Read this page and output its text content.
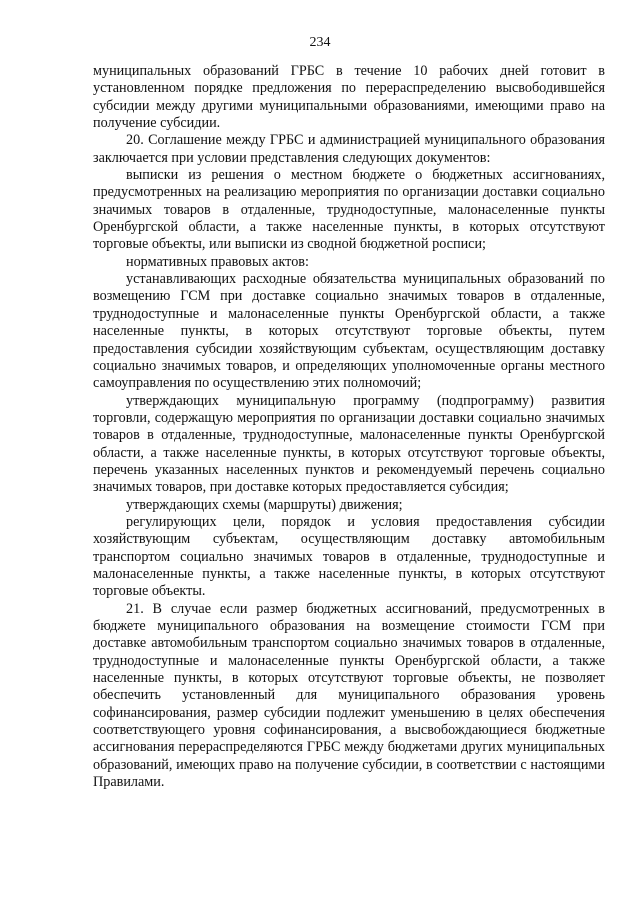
234

муниципальных образований ГРБС в течение 10 рабочих дней готовит в установленном порядке предложения по перераспределению высвободившейся субсидии между другими муниципальными образованиями, имеющими право на получение субсидии.

20. Соглашение между ГРБС и администрацией муниципального образования заключается при условии представления следующих документов:

выписки из решения о местном бюджете о бюджетных ассигнованиях, предусмотренных на реализацию мероприятия по организации доставки социально значимых товаров в отдаленные, труднодоступные, малонаселенные пункты Оренбургской области, а также населенные пункты, в которых отсутствуют торговые объекты, или выписки из сводной бюджетной росписи;

нормативных правовых актов:

устанавливающих расходные обязательства муниципальных образований по возмещению ГСМ при доставке социально значимых товаров в отдаленные, труднодоступные и малонаселенные пункты Оренбургской области, а также населенные пункты, в которых отсутствуют торговые объекты, путем предоставления субсидии хозяйствующим субъектам, осуществляющим доставку социально значимых товаров, и определяющих уполномоченные органы местного самоуправления по осуществлению этих полномочий;

утверждающих муниципальную программу (подпрограмму) развития торговли, содержащую мероприятия по организации доставки социально значимых товаров в отдаленные, труднодоступные, малонаселенные пункты Оренбургской области, а также населенные пункты, в которых отсутствуют торговые объекты, перечень указанных населенных пунктов и рекомендуемый перечень социально значимых товаров, при доставке которых предоставляется субсидия;

утверждающих схемы (маршруты) движения;

регулирующих цели, порядок и условия предоставления субсидии хозяйствующим субъектам, осуществляющим доставку автомобильным транспортом социально значимых товаров в отдаленные, труднодоступные и малонаселенные пункты, а также населенные пункты, в которых отсутствуют торговые объекты.

21. В случае если размер бюджетных ассигнований, предусмотренных в бюджете муниципального образования на возмещение стоимости ГСМ при доставке автомобильным транспортом социально значимых товаров в отдаленные, труднодоступные и малонаселенные пункты Оренбургской области, а также населенные пункты, в которых отсутствуют торговые объекты, не позволяет обеспечить установленный для муниципального образования уровень софинансирования, размер субсидии подлежит уменьшению в целях обеспечения соответствующего уровня софинансирования, а высвобождающиеся бюджетные ассигнования перераспределяются ГРБС между бюджетами других муниципальных образований, имеющих право на получение субсидии, в соответствии с настоящими Правилами.
